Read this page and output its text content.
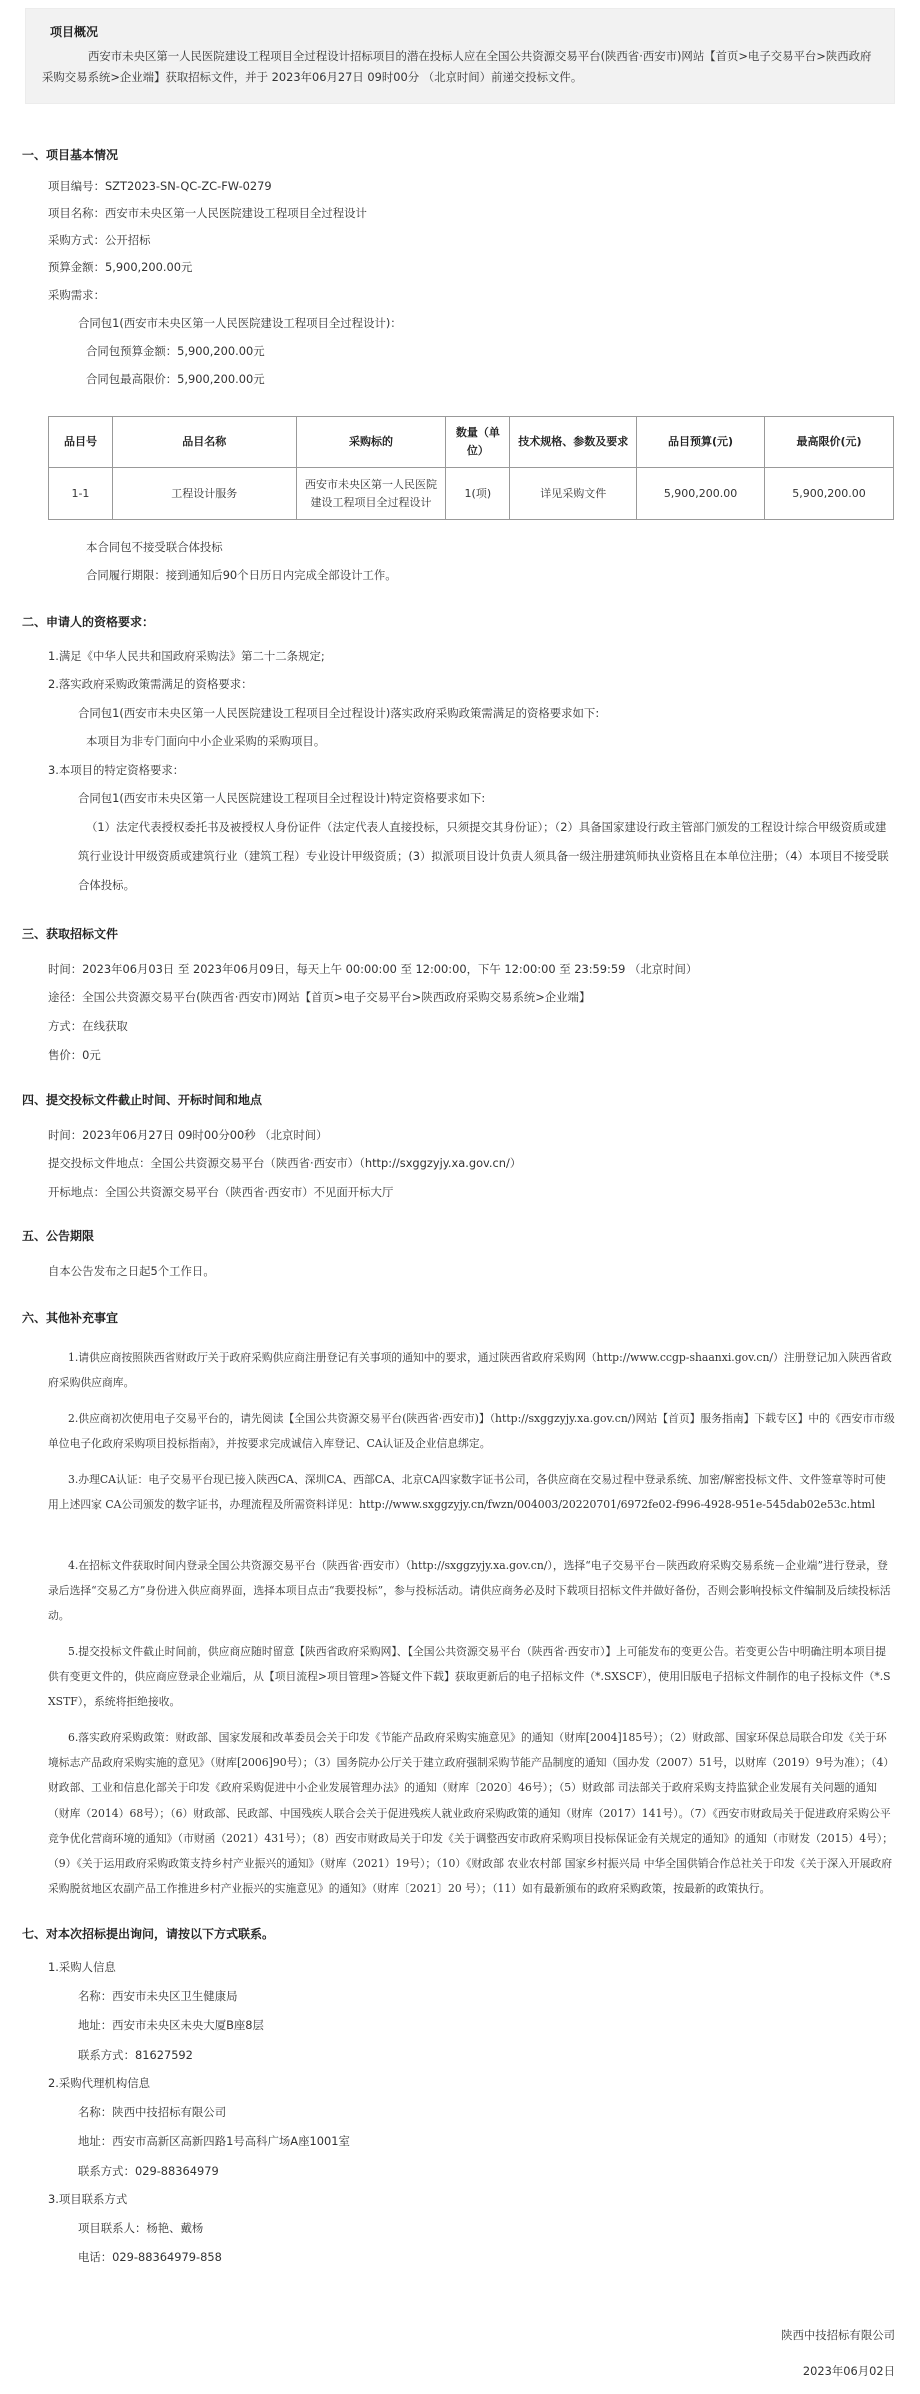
项目概况
西安市未央区第一人民医院建设工程项目全过程设计招标项目的潜在投标人应在全国公共资源交易平台(陕西省·西安市)网站【首页>电子交易平台>陕西政府采购交易系统>企业端】获取招标文件，并于 2023年06月27日 09时00分 （北京时间）前递交投标文件。
一、项目基本情况
项目编号：SZT2023-SN-QC-ZC-FW-0279
项目名称：西安市未央区第一人民医院建设工程项目全过程设计
采购方式：公开招标
预算金额：5,900,200.00元
采购需求：
合同包1(西安市未央区第一人民医院建设工程项目全过程设计)：
合同包预算金额：5,900,200.00元
合同包最高限价：5,900,200.00元
品目号	品目名称	采购标的	数量（单位）	技术规格、参数及要求	品目预算(元)	最高限价(元)
1-1	工程设计服务	西安市未央区第一人民医院建设工程项目全过程设计	1(项)	详见采购文件	5,900,200.00	5,900,200.00
本合同包不接受联合体投标
合同履行期限：接到通知后90个日历日内完成全部设计工作。
二、申请人的资格要求：
1.满足《中华人民共和国政府采购法》第二十二条规定;
2.落实政府采购政策需满足的资格要求：
合同包1(西安市未央区第一人民医院建设工程项目全过程设计)落实政府采购政策需满足的资格要求如下:
本项目为非专门面向中小企业采购的采购项目。
3.本项目的特定资格要求：
合同包1(西安市未央区第一人民医院建设工程项目全过程设计)特定资格要求如下:
（1）法定代表授权委托书及被授权人身份证件（法定代表人直接投标，只须提交其身份证）；（2）具备国家建设行政主管部门颁发的工程设计综合甲级资质或建筑行业设计甲级资质或建筑行业（建筑工程）专业设计甲级资质；(3）拟派项目设计负责人须具备一级注册建筑师执业资格且在本单位注册；（4）本项目不接受联合体投标。
三、获取招标文件
时间：2023年06月03日 至 2023年06月09日，每天上午 00:00:00 至 12:00:00，下午 12:00:00 至 23:59:59 （北京时间）
途径：全国公共资源交易平台(陕西省·西安市)网站【首页>电子交易平台>陕西政府采购交易系统>企业端】
方式：在线获取
售价：0元
四、提交投标文件截止时间、开标时间和地点
时间：2023年06月27日 09时00分00秒 （北京时间）
提交投标文件地点：全国公共资源交易平台（陕西省·西安市）（http://sxggzyjy.xa.gov.cn/）
开标地点：全国公共资源交易平台（陕西省·西安市）不见面开标大厅
五、公告期限
自本公告发布之日起5个工作日。
六、其他补充事宜
1.请供应商按照陕西省财政厅关于政府采购供应商注册登记有关事项的通知中的要求，通过陕西省政府采购网（http://www.ccgp-shaanxi.gov.cn/）注册登记加入陕西省政府采购供应商库。
2.供应商初次使用电子交易平台的，请先阅读【全国公共资源交易平台(陕西省·西安市)】（http://sxggzyjy.xa.gov.cn/)网站【首页】服务指南】下载专区】中的《西安市市级单位电子化政府采购项目投标指南》，并按要求完成诚信入库登记、CA认证及企业信息绑定。
3.办理CA认证：电子交易平台现已接入陕西CA、深圳CA、西部CA、北京CA四家数字证书公司，各供应商在交易过程中登录系统、加密/解密投标文件、文件签章等时可使用上述四家 CA公司颁发的数字证书，办理流程及所需资料详见：http://www.sxggzyjy.cn/fwzn/004003/20220701/6972fe02-f996-4928-951e-545dab02e53c.html
4.在招标文件获取时间内登录全国公共资源交易平台（陕西省·西安市）（http://sxggzyjy.xa.gov.cn/），选择“电子交易平台－陕西政府采购交易系统－企业端”进行登录，登录后选择“交易乙方”身份进入供应商界面，选择本项目点击“我要投标”，参与投标活动。请供应商务必及时下载项目招标文件并做好备份，否则会影响投标文件编制及后续投标活动。
5.提交投标文件截止时间前，供应商应随时留意【陕西省政府采购网】、【全国公共资源交易平台（陕西省·西安市）】上可能发布的变更公告。若变更公告中明确注明本项目提供有变更文件的，供应商应登录企业端后，从【项目流程>项目管理>答疑文件下载】获取更新后的电子招标文件（*.SXSCF），使用旧版电子招标文件制作的电子投标文件（*.SXSTF），系统将拒绝接收。
6.落实政府采购政策：财政部、国家发展和改革委员会关于印发《节能产品政府采购实施意见》的通知（财库[2004]185号）；（2）财政部、国家环保总局联合印发《关于环境标志产品政府采购实施的意见》（财库[2006]90号）；（3）国务院办公厅关于建立政府强制采购节能产品制度的通知（国办发（2007）51号，以财库（2019）9号为准）；（4）财政部、工业和信息化部关于印发《政府采购促进中小企业发展管理办法》的通知（财库〔2020〕46号）；（5）财政部 司法部关于政府采购支持监狱企业发展有关问题的通知（财库（2014）68号）；（6）财政部、民政部、中国残疾人联合会关于促进残疾人就业政府采购政策的通知（财库（2017）141号）。（7）《西安市财政局关于促进政府采购公平竞争优化营商环境的通知》（市财函（2021）431号）；（8）西安市财政局关于印发《关于调整西安市政府采购项目投标保证金有关规定的通知》的通知（市财发（2015）4号）；（9）《关于运用政府采购政策支持乡村产业振兴的通知》（财库（2021）19号）；（10）《财政部 农业农村部 国家乡村振兴局 中华全国供销合作总社关于印发《关于深入开展政府采购脱贫地区农副产品工作推进乡村产业振兴的实施意见》的通知》（财库〔2021〕20 号）；（11）如有最新颁布的政府采购政策，按最新的政策执行。
七、对本次招标提出询问，请按以下方式联系。
1.采购人信息
名称：西安市未央区卫生健康局
地址：西安市未央区未央大厦B座8层
联系方式：81627592
2.采购代理机构信息
名称：陕西中技招标有限公司
地址：西安市高新区高新四路1号高科广场A座1001室
联系方式：029-88364979
3.项目联系方式
项目联系人：杨艳、戴杨
电话：029-88364979-858
陕西中技招标有限公司
2023年06月02日
